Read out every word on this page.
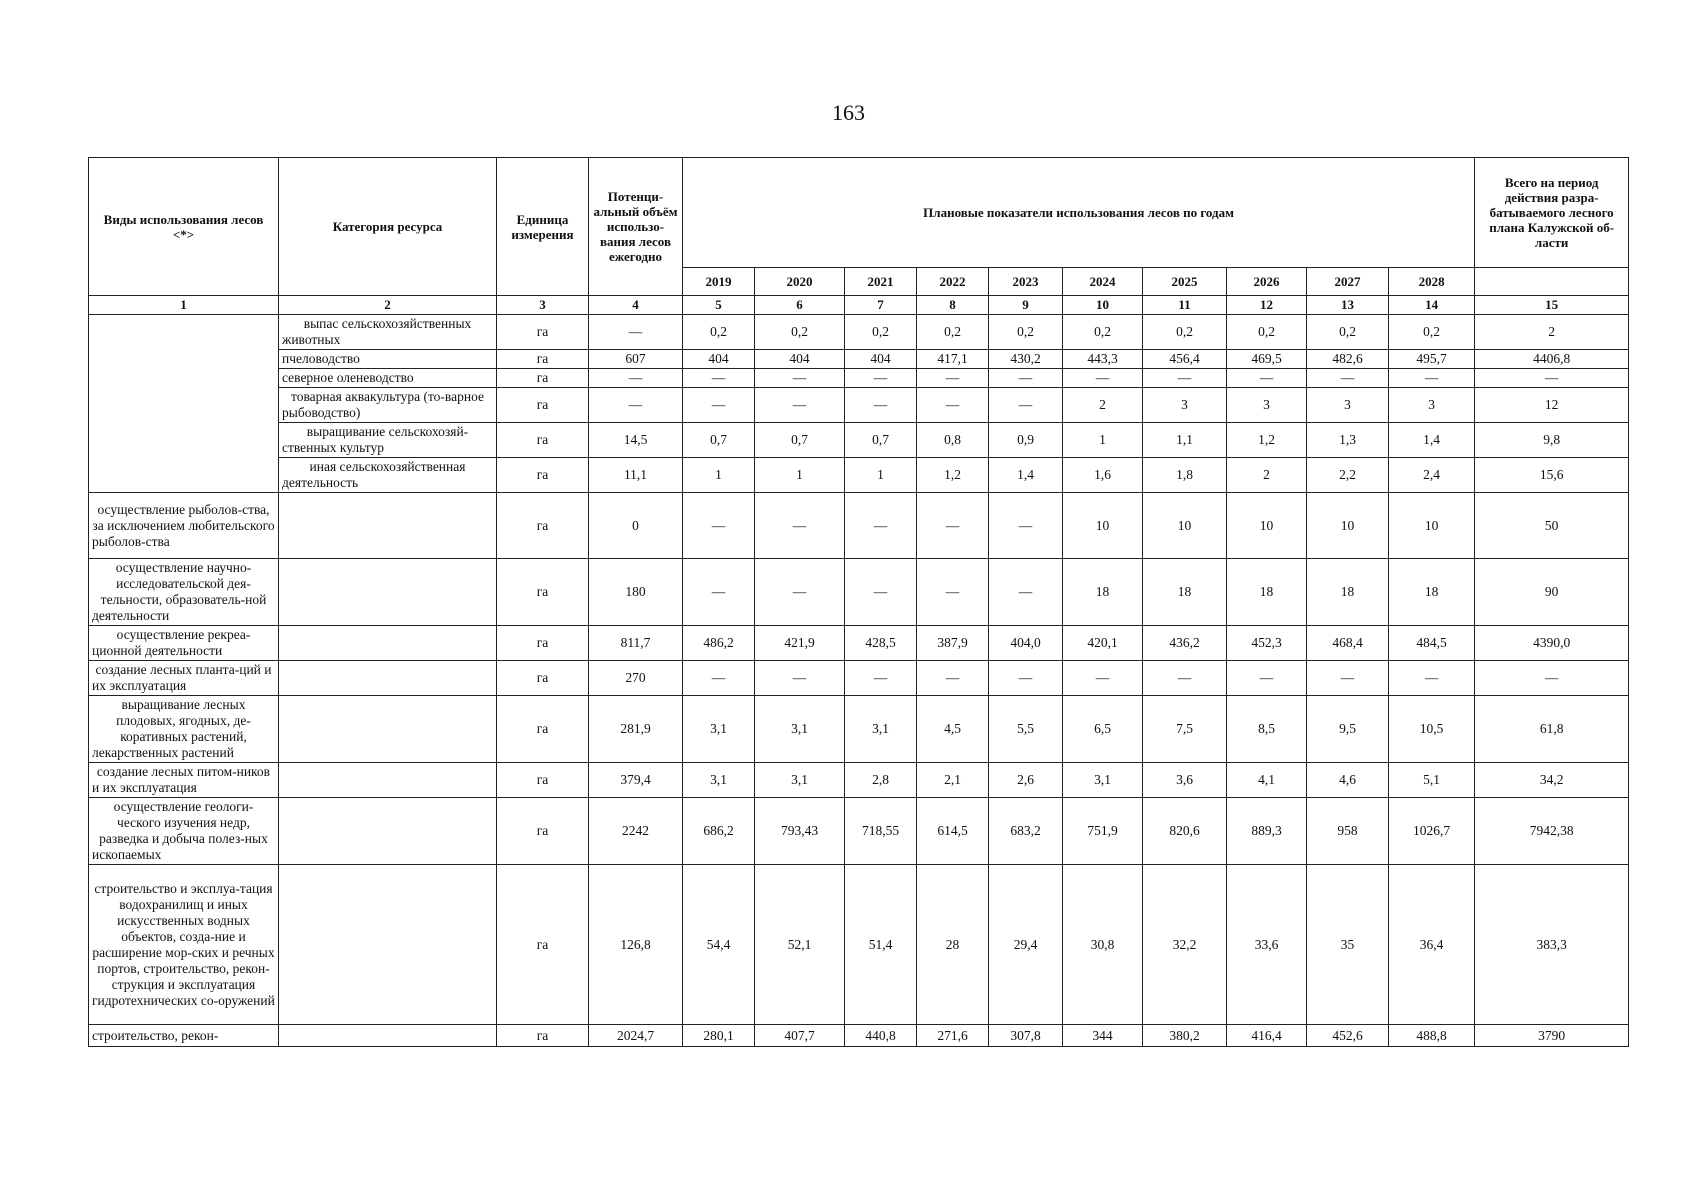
163
Виды использования лесов <*>	Категория ресурса	Единица измерения	Потенци-альный объём использо-вания лесов ежегодно	Плановые показатели использования лесов по годам										Всего на период действия разра-батываемого лесного плана Калужской об-ласти
				2019	2020	2021	2022	2023	2024	2025	2026	2027	2028	
1	2	3	4	5	6	7	8	9	10	11	12	13	14	15
	выпас сельскохозяйственных животных	га	—	0,2	0,2	0,2	0,2	0,2	0,2	0,2	0,2	0,2	0,2	2
	пчеловодство	га	607	404	404	404	417,1	430,2	443,3	456,4	469,5	482,6	495,7	4406,8
	северное оленеводство	га	—	—	—	—	—	—	—	—	—	—	—	—
	товарная аквакультура (то-варное рыбоводство)	га	—	—	—	—	—	—	2	3	3	3	3	12
	выращивание сельскохозяй-ственных культур	га	14,5	0,7	0,7	0,7	0,8	0,9	1	1,1	1,2	1,3	1,4	9,8
	иная сельскохозяйственная деятельность	га	11,1	1	1	1	1,2	1,4	1,6	1,8	2	2,2	2,4	15,6
осуществление рыболов-ства, за исключением любительского рыболов-ства		га	0	—	—	—	—	—	10	10	10	10	10	50
осуществление научно-исследовательской дея-тельности, образователь-ной деятельности		га	180	—	—	—	—	—	18	18	18	18	18	90
осуществление рекреа-ционной деятельности		га	811,7	486,2	421,9	428,5	387,9	404,0	420,1	436,2	452,3	468,4	484,5	4390,0
создание лесных планта-ций и их эксплуатация		га	270	—	—	—	—	—	—	—	—	—	—	—
выращивание лесных плодовых, ягодных, де-коративных растений, лекарственных растений		га	281,9	3,1	3,1	3,1	4,5	5,5	6,5	7,5	8,5	9,5	10,5	61,8
создание лесных питом-ников и их эксплуатация		га	379,4	3,1	3,1	2,8	2,1	2,6	3,1	3,6	4,1	4,6	5,1	34,2
осуществление геологи-ческого изучения недр, разведка и добыча полез-ных ископаемых		га	2242	686,2	793,43	718,55	614,5	683,2	751,9	820,6	889,3	958	1026,7	7942,38
строительство и эксплуа-тация водохранилищ и иных искусственных водных объектов, созда-ние и расширение мор-ских и речных портов, строительство, рекон-струкция и эксплуатация гидротехнических со-оружений		га	126,8	54,4	52,1	51,4	28	29,4	30,8	32,2	33,6	35	36,4	383,3
строительство, рекон-		га	2024,7	280,1	407,7	440,8	271,6	307,8	344	380,2	416,4	452,6	488,8	3790
